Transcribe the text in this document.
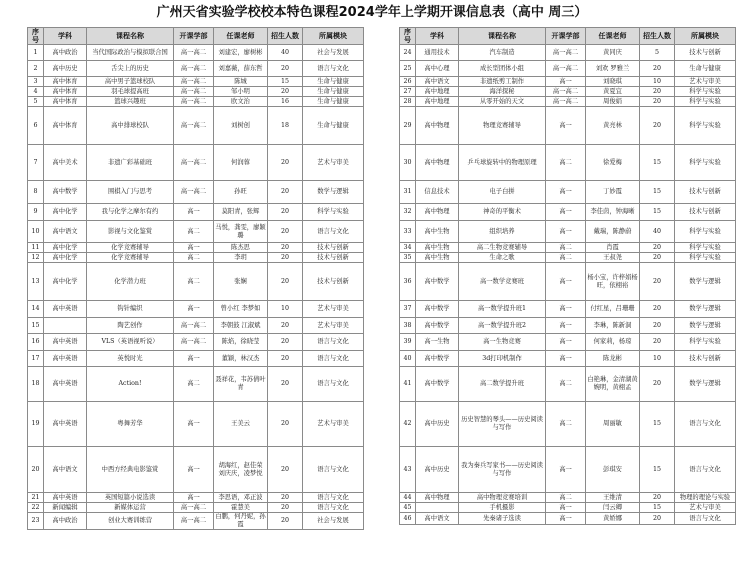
广州天省实验学校校本特色课程2024学年上学期开课信息表（高中 周三）
序号	学科	课程名称	开课学部	任课老师	招生人数	所属模块
1	高中政治	当代国际政治与模拟联合国	高一高二	刘建宏，廖树彬	40	社会与发展
2	高中历史	舌尖上的历史	高一高二	刘嘉薇，薛东哲	20	语言与文化
3	高中体育	高中男子篮球校队	高一高二	陈城	15	生命与健康
4	高中体育	羽毛球提高班	高一高二	邹小明	20	生命与健康
5	高中体育	篮球兴趣班	高一高二	欧文治	16	生命与健康
6	高中体育	高中排球校队	高一高二	刘树创	18	生命与健康
7	高中美术	非遗广彩基础班	高一高二	何润蓉	20	艺术与审美
8	高中数学	围棋入门与思考	高一高二	孙旺	20	数学与逻辑
9	高中化学	我与化学之摩尔有约	高一	莫阳青，张辉	20	科学与实验
10	高中语文	影视与文化鉴赏	高二	马悦，龚雯，廖颖璐	20	语言与文化
11	高中化学	化学竞赛辅导	高一	陈杰思	20	技术与创新
12	高中化学	化学竞赛辅导	高二	李玥	20	技术与创新
13	高中化学	化学潜力班	高二	张娴	20	技术与创新
14	高中英语	钩针编织	高一	曾小红 李梦如	10	艺术与审美
15		陶艺创作	高一高二	李朝鼓 江淑斌	20	艺术与审美
16	高中英语	VLS（英语视听说）	高一高二	陈焰，徐晓莹	20	语言与文化
17	高中英语	英悦时光	高一	董颖，林汉杰	20	语言与文化
18	高中英语	Action!	高二	聂祥花，韦苏倩叶青	20	语言与文化
19	高中英语	粤舞芳华	高一	王美云	20	艺术与审美
20	高中语文	中西方经典电影鉴赏	高一	胡海红，赵佳荣 刘庆庆，凌梦悦	20	语言与文化
21	高中英语	英国短篇小说选读	高一	李思语，邓正波	20	语言与文化
22	新闻编辑	新媒体运营	高一高二	霍慧美	20	语言与文化
23	高中政治	创业大赛训练营	高一高二	白鹏，何丹妮，孙霞	20	社会与发展
序号	学科	课程名称	开课学部	任课老师	招生人数	所属模块
24	通用技术	汽车制造	高一高二	黄同庆	5	技术与创新
25	高中心理	成长型团体小组	高一高二	刘欢 罗雅兰	20	生命与健康
26	高中语文	非遗纸剪工制作	高一	刘晓琪	10	艺术与审美
27	高中地理	海洋探秘	高一高二	黄夏宜	20	科学与实验
28	高中地理	从零开始的天文	高一高二	周俊娟	20	科学与实验
29	高中物理	物理竞赛辅导	高一	黄亮林	20	科学与实验
30	高中物理	乒乓球旋转中的物理原理	高二	徐爱梅	15	科学与实验
31	信息技术	电子白拼	高一	丁妙霞	15	技术与创新
32	高中物理	神奇的平衡术	高一	李佳茵，钟海晰	15	技术与创新
33	高中生物	组织培养	高一	戴瑞，陈静蔚	40	科学与实验
34	高中生物	高二生物竞赛辅导	高二	肖霞	20	科学与实验
35	高中生物	生命之歌	高二	王叔尧	20	科学与实验
36	高中数学	高一数学竞赛班	高一	杨小宝，许梓娟杨旺，依栩裕	20	数学与逻辑
37	高中数学	高一数学提升班1	高一	付红星，吕珊珊	20	数学与逻辑
38	高中数学	高一数学提升班2	高一	李琳，陈新洞	20	数学与逻辑
39	高一生物	高一生物竞赛	高一	何家莉，杨琼	20	科学与实验
40	高中数学	3d打印机制作	高一	陈龙彬	10	技术与创新
41	高中数学	高二数学提升班	高二	白艳琳，金清湖黄婉明，黄栩孟	20	数学与逻辑
42	高中历史	历史智慧的琴头——历史阅读与写作	高二	周丽敏	15	语言与文化
43	高中历史	我为秦兵写家书——历史阅读与写作	高一	彭琪安	15	语言与文化
44	高中物理	高中物理竞赛培训	高二	王维清	20	物理的理论与实验
45		手机摄影	高一	闫云卿	15	艺术与审美
46	高中语文	先秦诸子选读	高一	黄娇娜	20	语言与文化
